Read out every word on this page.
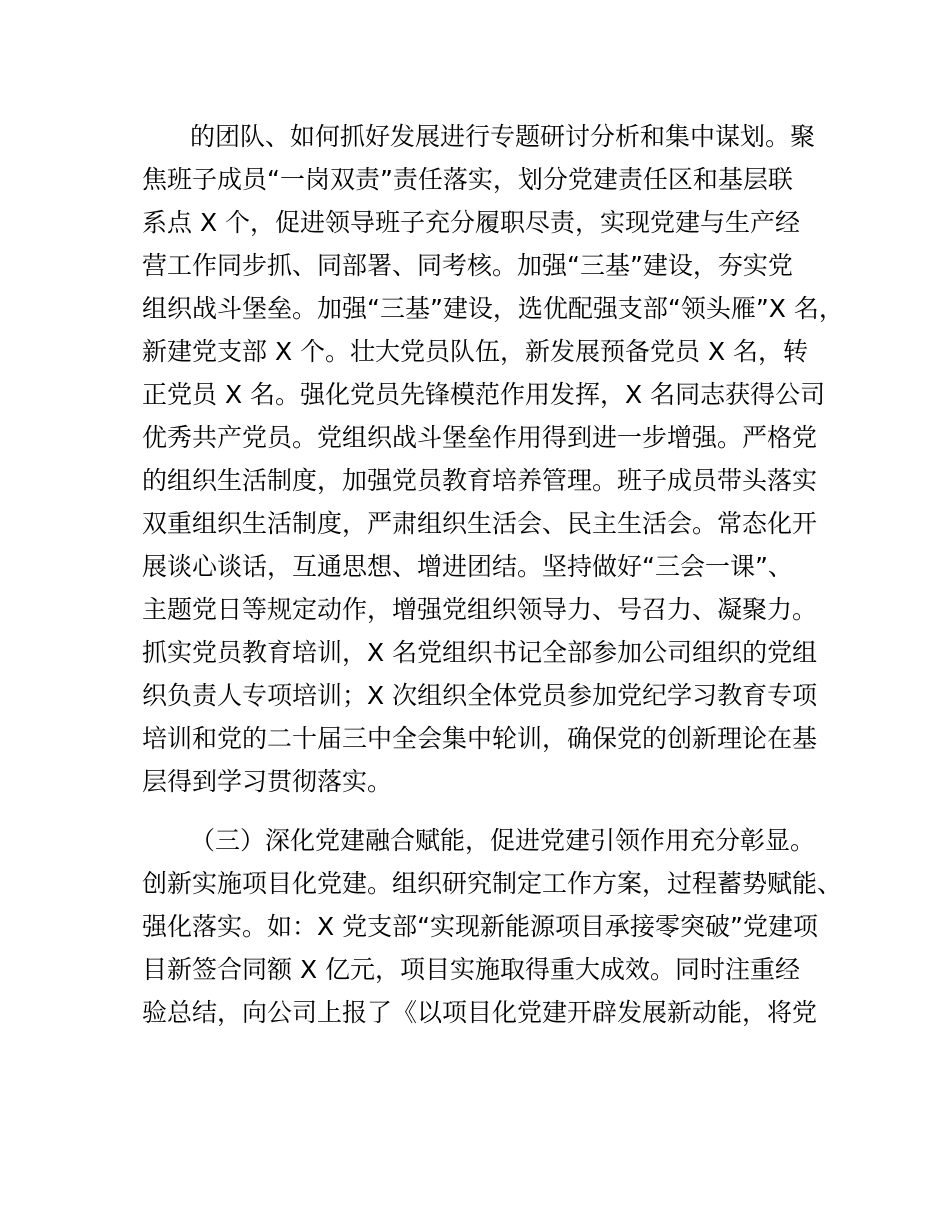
的团队、如何抓好发展进行专题研讨分析和集中谋划。聚
焦班子成员“一岗双责”责任落实，划分党建责任区和基层联
系点 X 个，促进领导班子充分履职尽责，实现党建与生产经
营工作同步抓、同部署、同考核。加强“三基”建设，夯实党
组织战斗堡垒。加强“三基”建设，选优配强支部“领头雁”X 名，
新建党支部 X 个。壮大党员队伍，新发展预备党员 X 名，转
正党员 X 名。强化党员先锋模范作用发挥，X 名同志获得公司
优秀共产党员。党组织战斗堡垒作用得到进一步增强。严格党
的组织生活制度，加强党员教育培养管理。班子成员带头落实
双重组织生活制度，严肃组织生活会、民主生活会。常态化开
展谈心谈话，互通思想、增进团结。坚持做好“三会一课”、
主题党日等规定动作，增强党组织领导力、号召力、凝聚力。
抓实党员教育培训，X 名党组织书记全部参加公司组织的党组
织负责人专项培训；X 次组织全体党员参加党纪学习教育专项
培训和党的二十届三中全会集中轮训，确保党的创新理论在基
层得到学习贯彻落实。
（三）深化党建融合赋能，促进党建引领作用充分彰显。
创新实施项目化党建。组织研究制定工作方案，过程蓄势赋能、
强化落实。如：X 党支部“实现新能源项目承接零突破”党建项
目新签合同额 X 亿元，项目实施取得重大成效。同时注重经
验总结，向公司上报了《以项目化党建开辟发展新动能，将党
